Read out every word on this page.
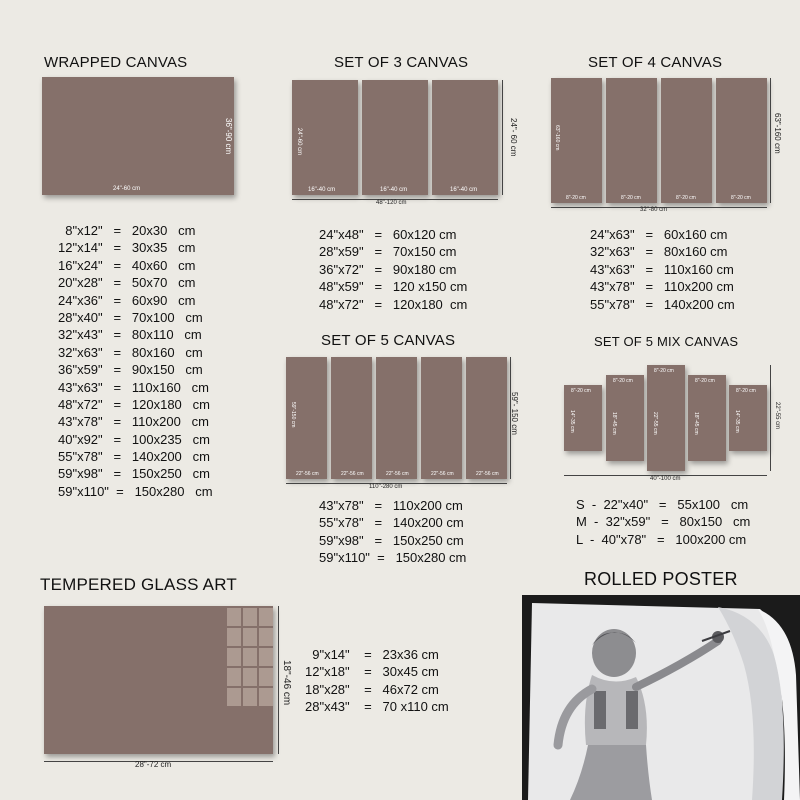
WRAPPED CANVAS
24"-60 cm
36"-90 cm
8"x12"   =   20x30   cm
12"x14"   =   30x35   cm
16"x24"   =   40x60   cm
20"x28"   =   50x70   cm
24"x36"   =   60x90   cm
28"x40"   =   70x100   cm
32"x43"   =   80x110   cm
32"x63"   =   80x160   cm
36"x59"   =   90x150   cm
43"x63"   =   110x160   cm
48"x72"   =   120x180   cm
43"x78"   =   110x200   cm
40"x92"   =   100x235   cm
55"x78"   =   140x200   cm
59"x98"   =   150x250   cm
59"x110"  =   150x280   cm
SET OF 3 CANVAS
24"-60 cm
16"-40 cm	16"-40 cm	16"-40 cm
48"-120 cm
24"- 60 cm
24"x48"   =   60x120 cm
28"x59"   =   70x150 cm
36"x72"   =   90x180 cm
48"x59"   =   120 x150 cm
48"x72"   =   120x180  cm
SET OF 4 CANVAS
63"-160 cm
8"-20 cm	8"-20 cm	8"-20 cm	8"-20 cm
32"-80 cm
63"-160 cm
24"x63"   =   60x160 cm
32"x63"   =   80x160 cm
43"x63"   =   110x160 cm
43"x78"   =   110x200 cm
55"x78"   =   140x200 cm
SET OF 5 CANVAS
59"-150 cm
22"-56 cm	22"-56 cm	22"-56 cm	22"-56 cm	22"-56 cm
110"-280 cm
59"- 150 cm
43"x78"   =   110x200 cm
55"x78"   =   140x200 cm
59"x98"   =   150x250 cm
59"x110"  =   150x280 cm
SET OF 5 MIX CANVAS
8"-20 cm
8"-20 cm
8"-20 cm
8"-20 cm
8"-20 cm
14"-35 cm	18"-45 cm	22"-55 cm	18"-45 cm	14"-35 cm
40"-100 cm
22"-55 cm
S  -  22"x40"   =   55x100   cm
M  -  32"x59"   =   80x150   cm
L  -  40"x78"   =   100x200 cm
TEMPERED GLASS ART
28"-72 cm
18"-46 cm
9"x14"    =   23x36 cm
12"x18"    =   30x45 cm
18"x28"    =   46x72 cm
28"x43"    =   70 x110 cm
ROLLED POSTER
